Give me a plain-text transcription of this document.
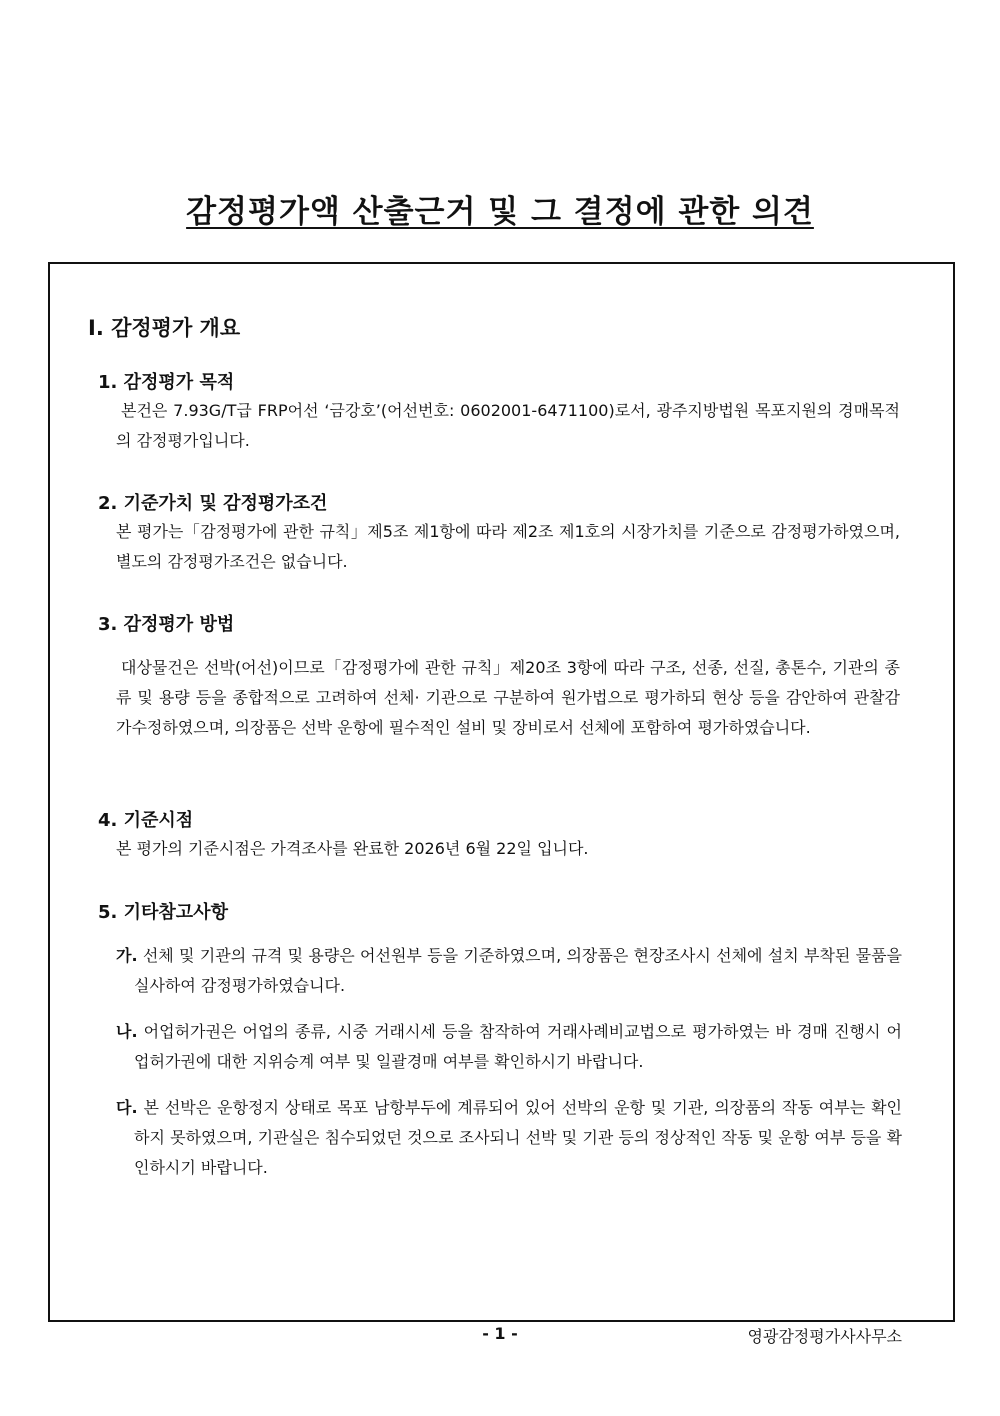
감정평가액 산출근거 및 그 결정에 관한 의견
Ⅰ. 감정평가 개요
1. 감정평가 목적
본건은 7.93G/T급 FRP어선 ‘금강호’(어선번호: 0602001-6471100)로서, 광주지방법원 목포지원의 경매목적의 감정평가입니다.
2. 기준가치 및 감정평가조건
본 평가는「감정평가에 관한 규칙」제5조 제1항에 따라 제2조 제1호의 시장가치를 기준으로 감정평가하였으며, 별도의 감정평가조건은 없습니다.
3. 감정평가 방법
대상물건은 선박(어선)이므로「감정평가에 관한 규칙」제20조 3항에 따라 구조, 선종, 선질, 총톤수, 기관의 종류 및 용량 등을 종합적으로 고려하여 선체· 기관으로 구분하여 원가법으로 평가하되 현상 등을 감안하여 관찰감가수정하였으며, 의장품은 선박 운항에 필수적인 설비 및 장비로서 선체에 포함하여 평가하였습니다.
4. 기준시점
본 평가의 기준시점은 가격조사를 완료한 2026년 6월 22일 입니다.
5. 기타참고사항
가. 선체 및 기관의 규격 및 용량은 어선원부 등을 기준하였으며, 의장품은 현장조사시 선체에 설치 부착된 물품을 실사하여 감정평가하였습니다.
나. 어업허가권은 어업의 종류, 시중 거래시세 등을 참작하여 거래사례비교법으로 평가하였는 바 경매 진행시 어업허가권에 대한 지위승계 여부 및 일괄경매 여부를 확인하시기 바랍니다.
다. 본 선박은 운항정지 상태로 목포 남항부두에 계류되어 있어 선박의 운항 및 기관, 의장품의 작동 여부는 확인하지 못하였으며, 기관실은 침수되었던 것으로 조사되니 선박 및 기관 등의 정상적인 작동 및 운항 여부 등을 확인하시기 바랍니다.
- 1 -	영광감정평가사사무소
